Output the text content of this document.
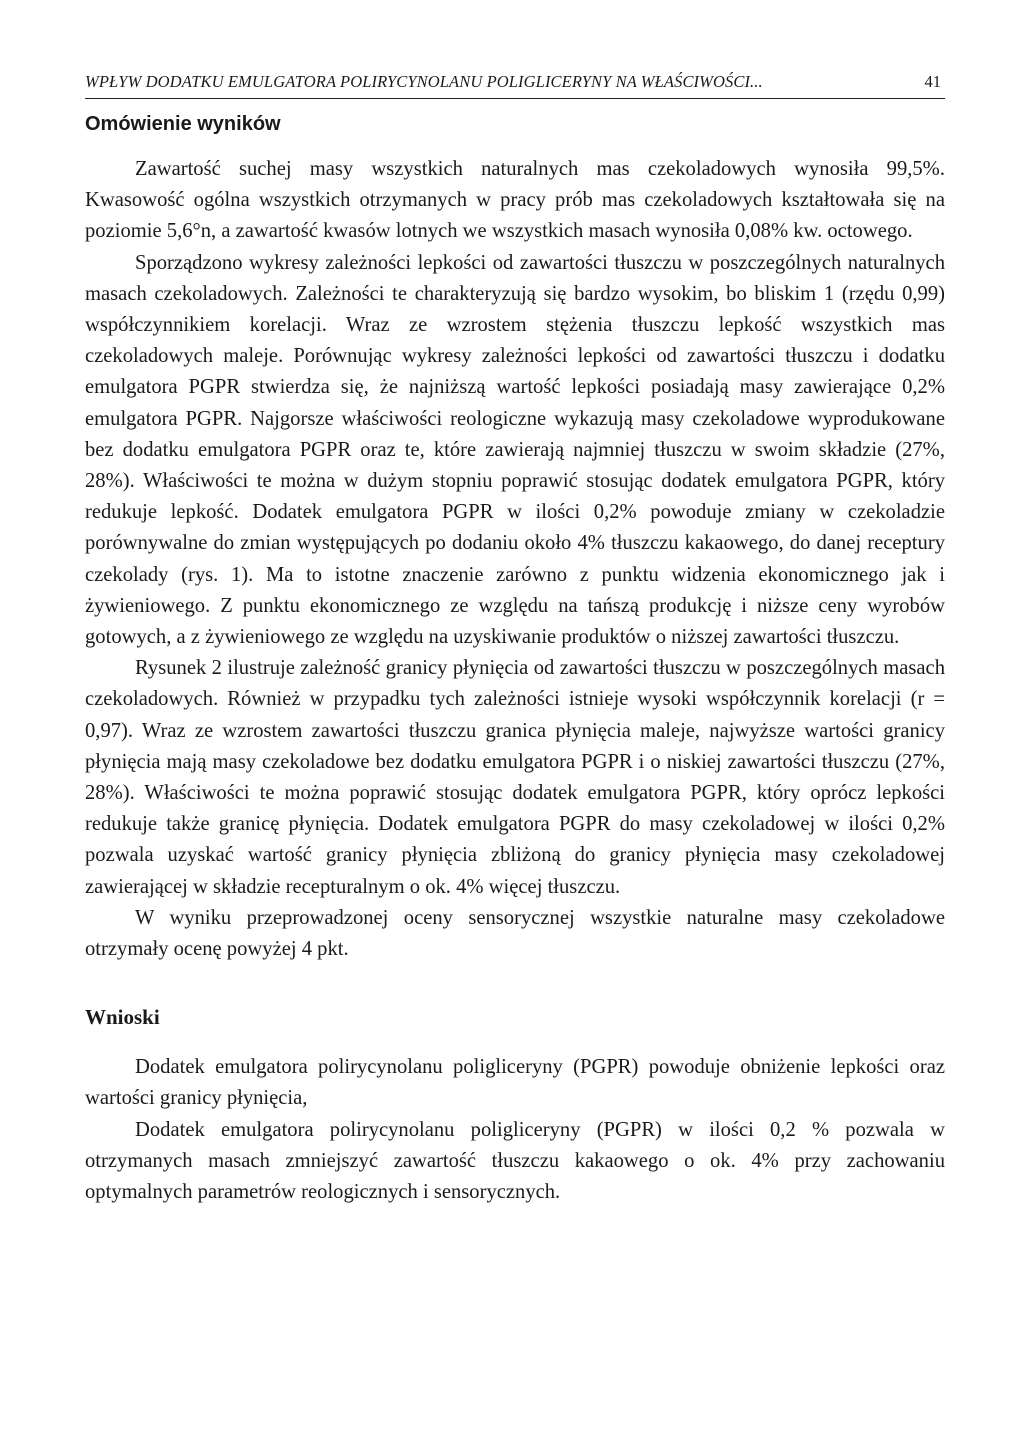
WPŁYW DODATKU EMULGATORA POLIRYCYNOLANU POLIGLICERYNY NA WŁAŚCIWOŚCI...	41
Omówienie wyników

Zawartość suchej masy wszystkich naturalnych mas czekoladowych wynosiła 99,5%. Kwasowość ogólna wszystkich otrzymanych w pracy prób mas czekoladowych kształtowała się na poziomie 5,6°n, a zawartość kwasów lotnych we wszystkich masach wynosiła 0,08% kw. octowego.

Sporządzono wykresy zależności lepkości od zawartości tłuszczu w poszczególnych naturalnych masach czekoladowych. Zależności te charakteryzują się bardzo wysokim, bo bliskim 1 (rzędu 0,99) współczynnikiem korelacji. Wraz ze wzrostem stężenia tłuszczu lepkość wszystkich mas czekoladowych maleje. Porównując wykresy zależności lepkości od zawartości tłuszczu i dodatku emulgatora PGPR stwierdza się, że najniższą wartość lepkości posiadają masy zawierające 0,2% emulgatora PGPR. Najgorsze właściwości reologiczne wykazują masy czekoladowe wyprodukowane bez dodatku emulgatora PGPR oraz te, które zawierają najmniej tłuszczu w swoim składzie (27%, 28%). Właściwości te można w dużym stopniu poprawić stosując dodatek emulgatora PGPR, który redukuje lepkość. Dodatek emulgatora PGPR w ilości 0,2% powoduje zmiany w czekoladzie porównywalne do zmian występujących po dodaniu około 4% tłuszczu kakaowego, do danej receptury czekolady (rys. 1). Ma to istotne znaczenie zarówno z punktu widzenia ekonomicznego jak i żywieniowego. Z punktu ekonomicznego ze względu na tańszą produkcję i niższe ceny wyrobów gotowych, a z żywieniowego ze względu na uzyskiwanie produktów o niższej zawartości tłuszczu.

Rysunek 2 ilustruje zależność granicy płynięcia od zawartości tłuszczu w poszczególnych masach czekoladowych. Również w przypadku tych zależności istnieje wysoki współczynnik korelacji (r = 0,97). Wraz ze wzrostem zawartości tłuszczu granica płynięcia maleje, najwyższe wartości granicy płynięcia mają masy czekoladowe bez dodatku emulgatora PGPR i o niskiej zawartości tłuszczu (27%, 28%). Właściwości te można poprawić stosując dodatek emulgatora PGPR, który oprócz lepkości redukuje także granicę płynięcia. Dodatek emulgatora PGPR do masy czekoladowej w ilości 0,2% pozwala uzyskać wartość granicy płynięcia zbliżoną do granicy płynięcia masy czekoladowej zawierającej w składzie recepturalnym o ok. 4% więcej tłuszczu.

W wyniku przeprowadzonej oceny sensorycznej wszystkie naturalne masy czekoladowe otrzymały ocenę powyżej 4 pkt.

Wnioski

Dodatek emulgatora polirycynolanu poligliceryny (PGPR) powoduje obniżenie lepkości oraz wartości granicy płynięcia,

Dodatek emulgatora polirycynolanu poligliceryny (PGPR) w ilości 0,2 % pozwala w otrzymanych masach zmniejszyć zawartość tłuszczu kakaowego o ok. 4% przy zachowaniu optymalnych parametrów reologicznych i sensorycznych.
